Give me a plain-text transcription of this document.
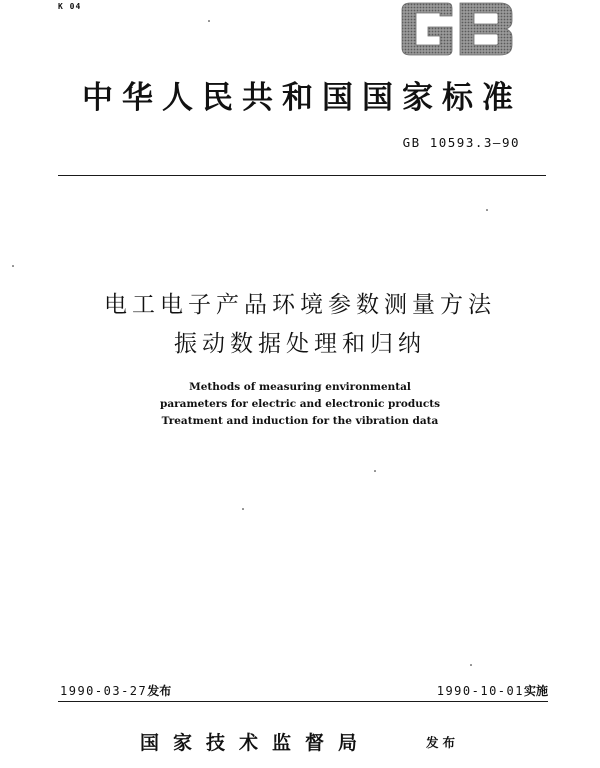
K 04
中华人民共和国国家标准
GB 10593.3—90
电工电子产品环境参数测量方法
振动数据处理和归纳
Methods of measuring environmental
parameters for electric and electronic products
Treatment and induction for the vibration data
1990-03-27发布	1990-10-01实施
国家技术监督局	发布
